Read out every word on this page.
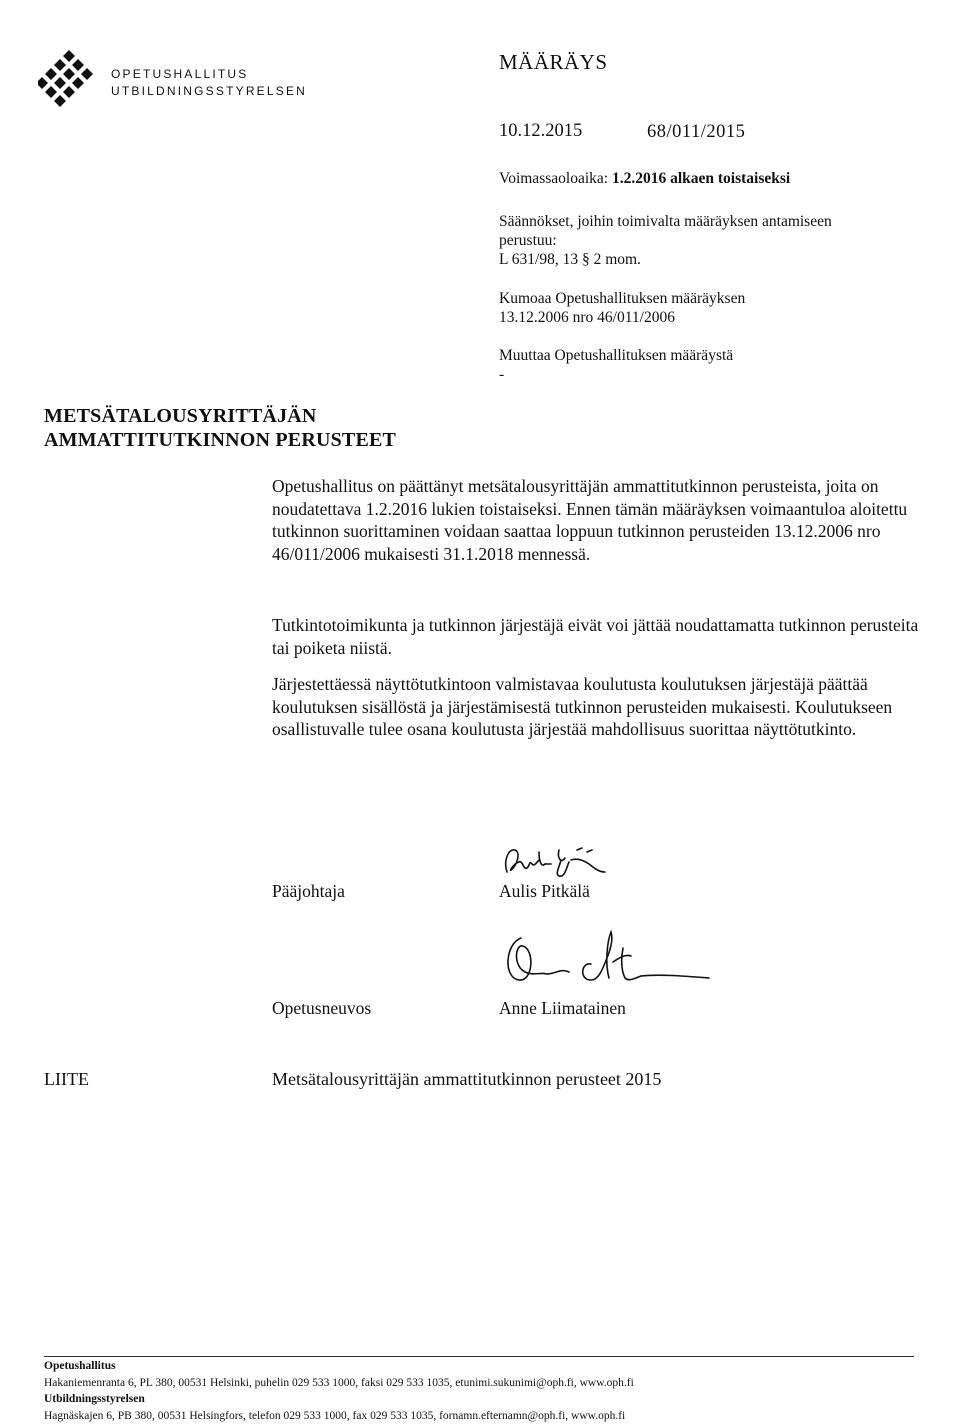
OPETUSHALLITUS
UTBILDNINGSSTYRELSEN
MÄÄRÄYS
10.12.2015	68/011/2015
Voimassaoloaika: 1.2.2016 alkaen toistaiseksi
Säännökset, joihin toimivalta määräyksen antamiseen
perustuu:
L 631/98, 13 § 2 mom.
Kumoaa Opetushallituksen määräyksen
13.12.2006 nro 46/011/2006
Muuttaa Opetushallituksen määräystä
-
METSÄTALOUSYRITTÄJÄN
AMMATTITUTKINNON PERUSTEET

Opetushallitus on päättänyt metsätalousyrittäjän ammattitutkinnon perusteista, joita on noudatettava 1.2.2016 lukien toistaiseksi. Ennen tämän määräyksen voimaantuloa aloitettu tutkinnon suorittaminen voidaan saattaa loppuun tutkinnon perusteiden 13.12.2006 nro 46/011/2006 mukaisesti 31.1.2018 mennessä.

Tutkintotoimikunta ja tutkinnon järjestäjä eivät voi jättää noudattamatta tutkinnon perusteita tai poiketa niistä.

Järjestettäessä näyttötutkintoon valmistavaa koulutusta koulutuksen järjestäjä päättää koulutuksen sisällöstä ja järjestämisestä tutkinnon perusteiden mukaisesti. Koulutukseen osallistuvalle tulee osana koulutusta järjestää mahdollisuus suorittaa näyttötutkinto.

Pääjohtaja	Aulis Pitkälä
Opetusneuvos	Anne Liimatainen
LIITE	Metsätalousyrittäjän ammattitutkinnon perusteet 2015
Opetushallitus
Hakaniemenranta 6, PL 380, 00531 Helsinki, puhelin 029 533 1000, faksi 029 533 1035, etunimi.sukunimi@oph.fi, www.oph.fi
Utbildningsstyrelsen
Hagnäskajen 6, PB 380, 00531 Helsingfors, telefon 029 533 1000, fax 029 533 1035, fornamn.efternamn@oph.fi, www.oph.fi
